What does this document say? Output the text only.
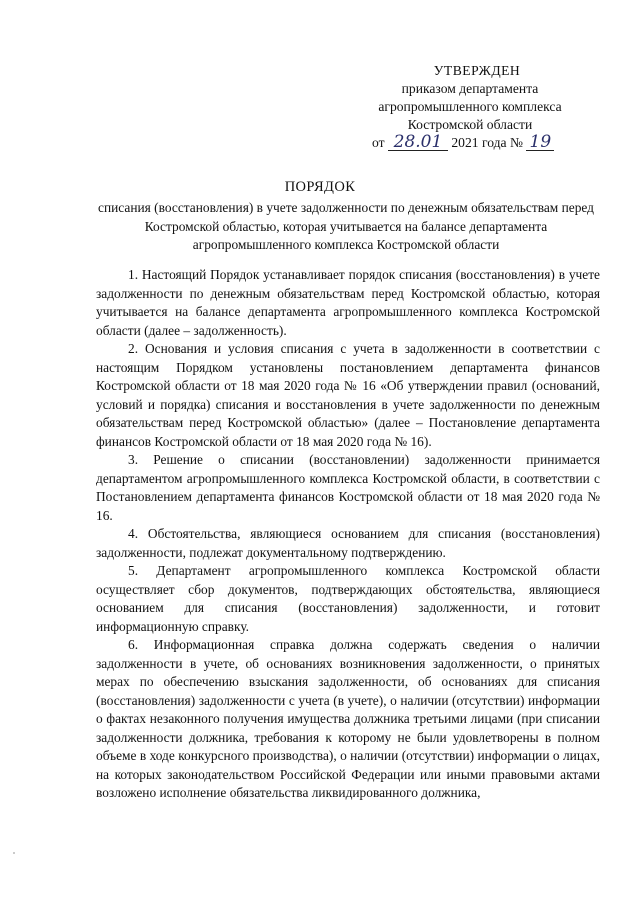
УТВЕРЖДЕН
приказом департамента
агропромышленного комплекса
Костромской области
от 28.01 2021 года № 19
ПОРЯДОК
списания (восстановления) в учете задолженности по денежным обязательствам перед Костромской областью, которая учитывается на балансе департамента агропромышленного комплекса Костромской области

1. Настоящий Порядок устанавливает порядок списания (восстановления) в учете задолженности по денежным обязательствам перед Костромской областью, которая учитывается на балансе департамента агропромышленного комплекса Костромской области (далее – задолженность).

2. Основания и условия списания с учета в задолженности в соответствии с настоящим Порядком установлены постановлением департамента финансов Костромской области от 18 мая 2020 года № 16 «Об утверждении правил (оснований, условий и порядка) списания и восстановления в учете задолженности по денежным обязательствам перед Костромской областью» (далее – Постановление департамента финансов Костромской области от 18 мая 2020 года № 16).

3. Решение о списании (восстановлении) задолженности принимается департаментом агропромышленного комплекса Костромской области, в соответствии с Постановлением департамента финансов Костромской области от 18 мая 2020 года № 16.

4. Обстоятельства, являющиеся основанием для списания (восстановления) задолженности, подлежат документальному подтверждению.

5. Департамент агропромышленного комплекса Костромской области осуществляет сбор документов, подтверждающих обстоятельства, являющиеся основанием для списания (восстановления) задолженности, и готовит информационную справку.

6. Информационная справка должна содержать сведения о наличии задолженности в учете, об основаниях возникновения задолженности, о принятых мерах по обеспечению взыскания задолженности, об основаниях для списания (восстановления) задолженности с учета (в учете), о наличии (отсутствии) информации о фактах незаконного получения имущества должника третьими лицами (при списании задолженности должника, требования к которому не были удовлетворены в полном объеме в ходе конкурсного производства), о наличии (отсутствии) информации о лицах, на которых законодательством Российской Федерации или иными правовыми актами возложено исполнение обязательства ликвидированного должника,
